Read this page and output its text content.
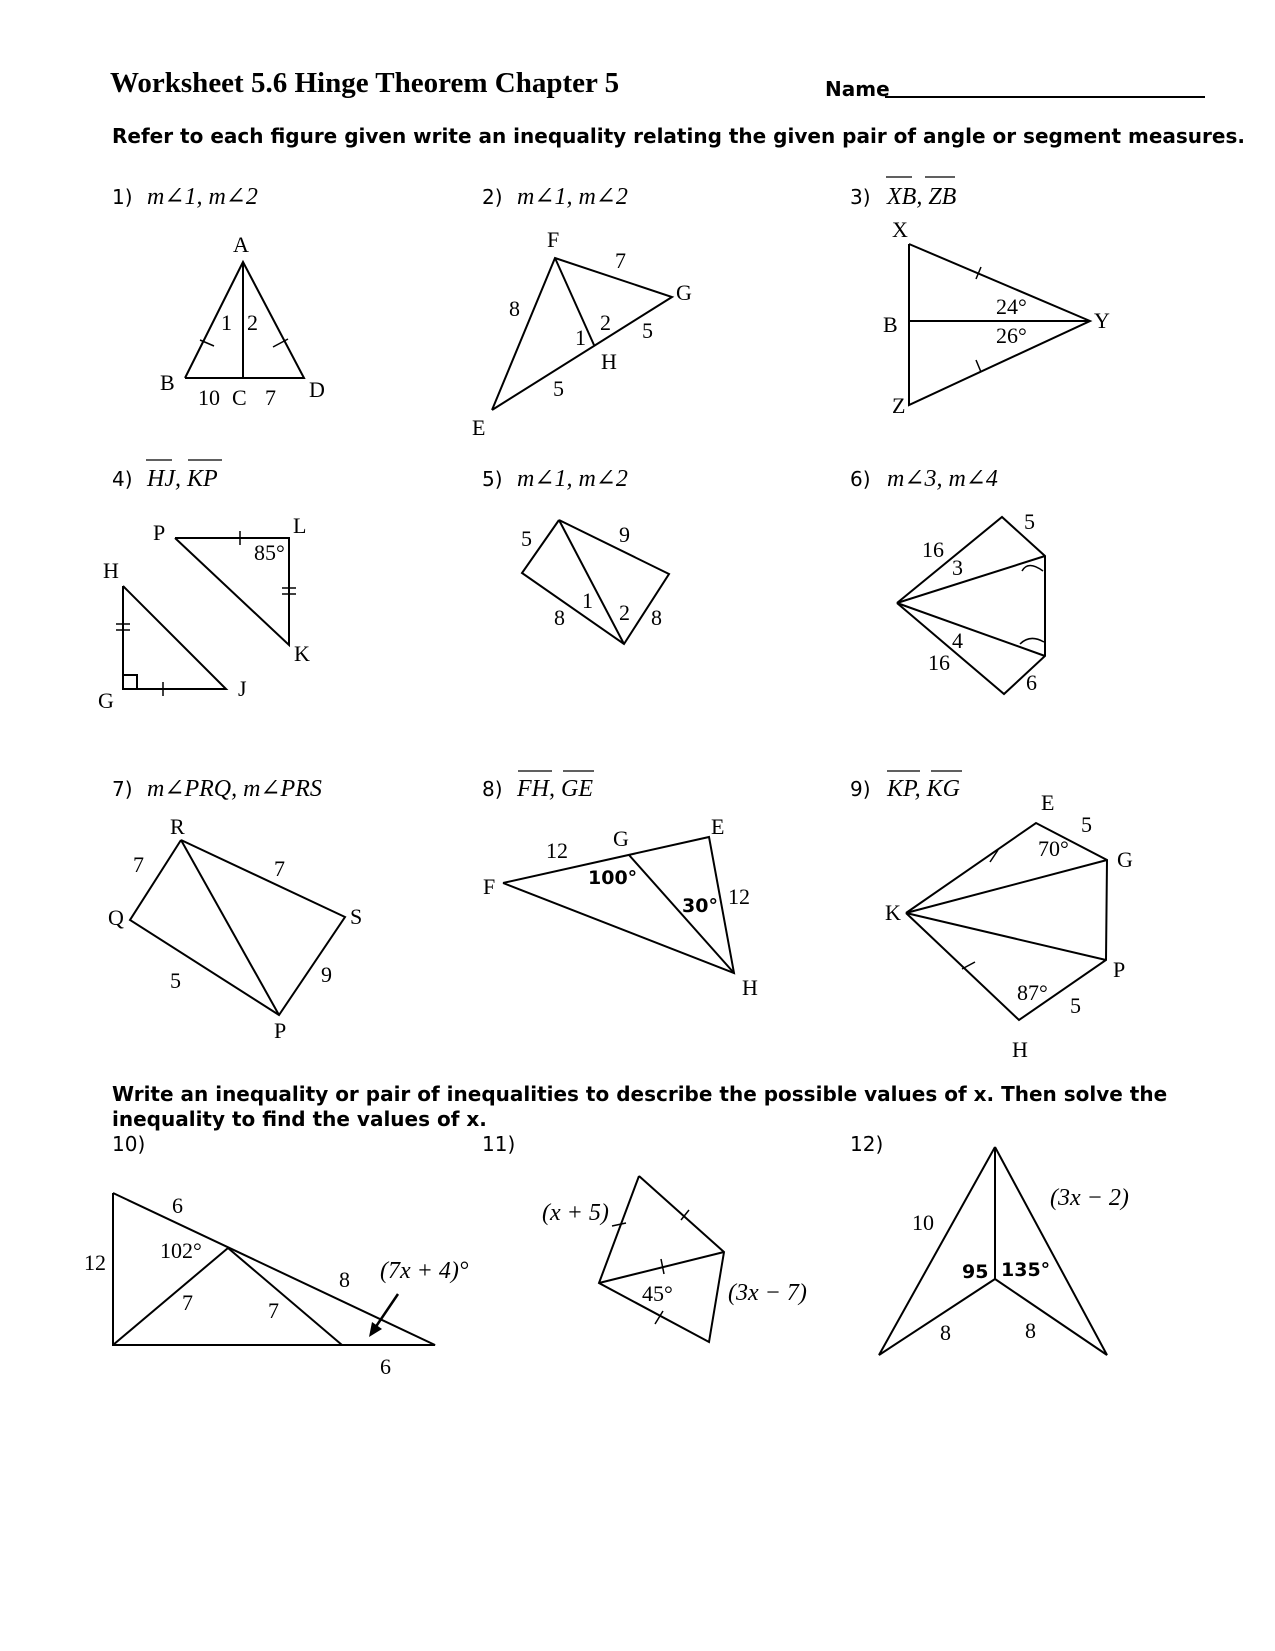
Worksheet 5.6 Hinge Theorem Chapter 5	Name
Refer to each figure given write an inequality relating the given pair of angle or segment measures.
1) m∠1, m∠2
A
B
C	D
1 2
10 7
2) m∠1, m∠2
F
G
H
E
8
7
5
5
1
2
3) XB, ZB
X
Y
B
Z
24°
26°
4) HJ, KP
P	L
85°
K
H
G	J
5) m∠1, m∠2
5	9
8	8
1 2
6) m∠3, m∠4
16
16
5
6
3
4
7) m∠PRQ, m∠PRS
R
Q	S
P
7	7
5	9
8) FH, GE
F
G	E
H
12
12
100°
30°
9) KP, KG
E
G
K
P
H
5
5
70°
87°
Write an inequality or pair of inequalities to describe the possible values of x. Then solve the
inequality to find the values of x.
10)
6
12 102°
7	7
8 (7x + 4)°
6
11)
(x + 5)
45° (3x − 7)
12)
10
(3x − 2)
95 135°
8	8
